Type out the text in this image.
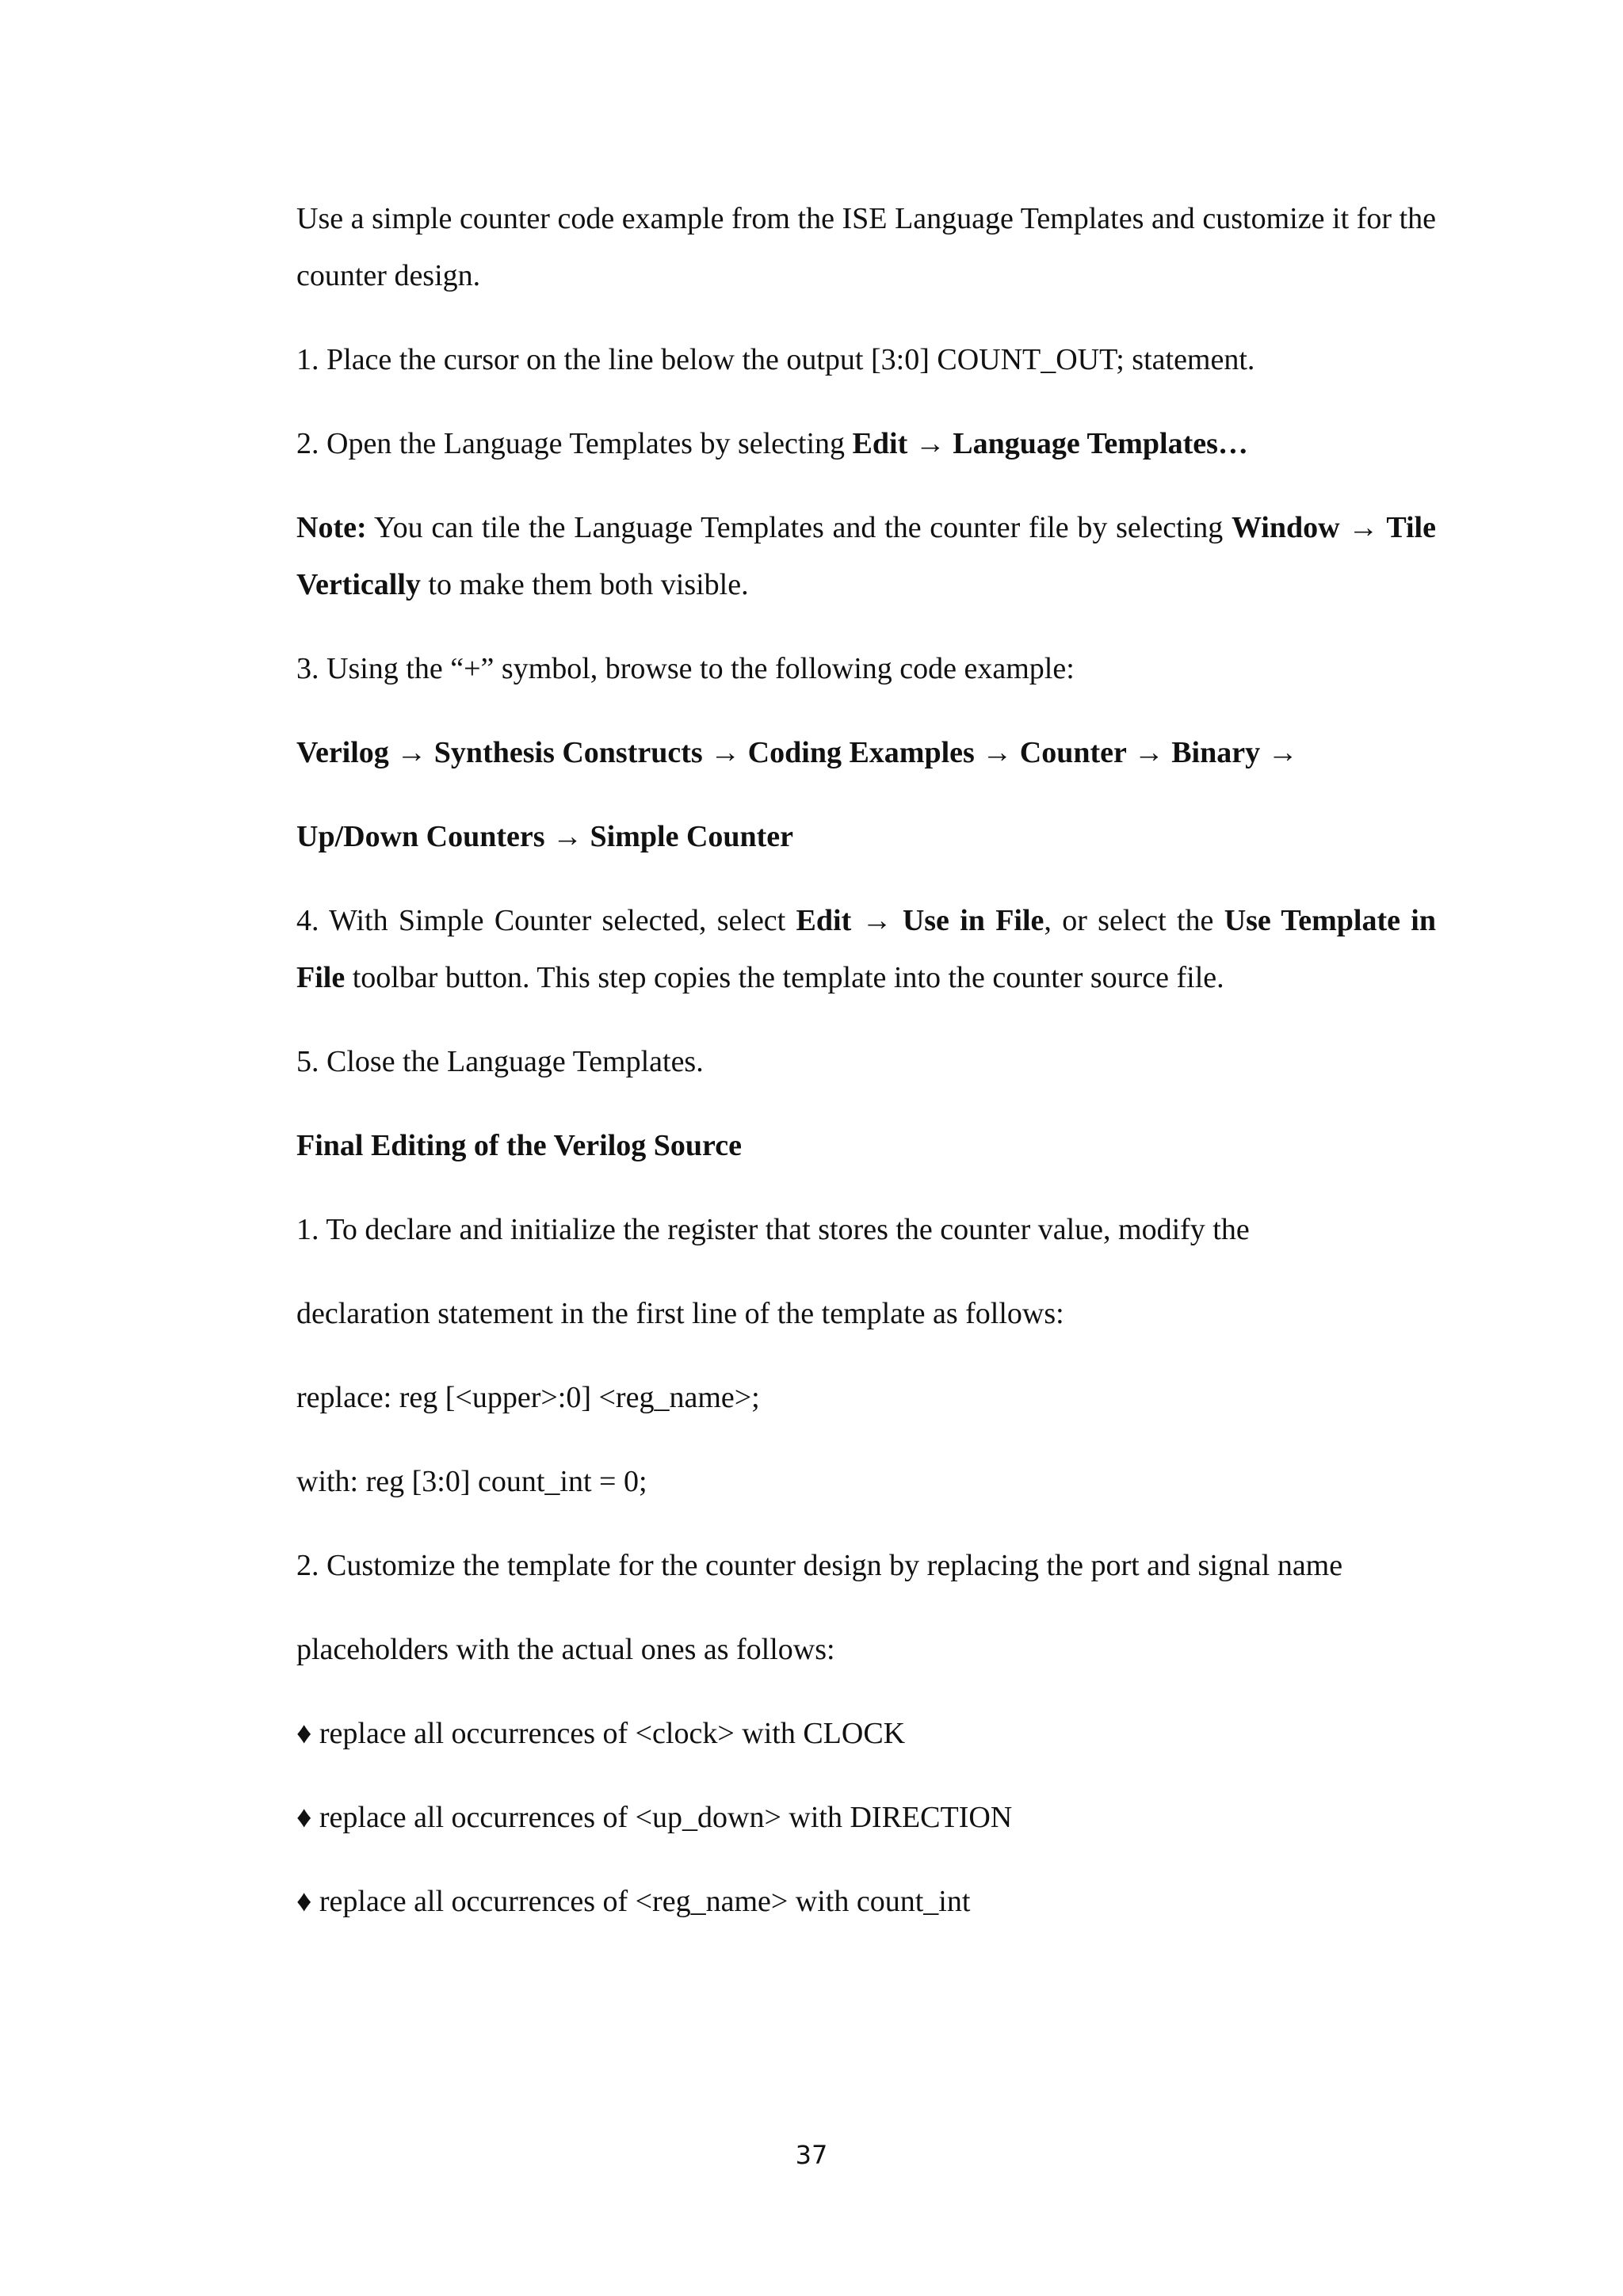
Use a simple counter code example from the ISE Language Templates and customize it for the counter design.

1. Place the cursor on the line below the output [3:0] COUNT_OUT; statement.

2. Open the Language Templates by selecting Edit → Language Templates…

Note: You can tile the Language Templates and the counter file by selecting Window → Tile Vertically to make them both visible.

3. Using the “+” symbol, browse to the following code example:

Verilog → Synthesis Constructs → Coding Examples → Counter → Binary →

Up/Down Counters → Simple Counter

4. With Simple Counter selected, select Edit → Use in File, or select the Use Template in File toolbar button. This step copies the template into the counter source file.

5. Close the Language Templates.

Final Editing of the Verilog Source

1. To declare and initialize the register that stores the counter value, modify the

declaration statement in the first line of the template as follows:

replace: reg [<upper>:0] <reg_name>;

with: reg [3:0] count_int = 0;

2. Customize the template for the counter design by replacing the port and signal name

placeholders with the actual ones as follows:

♦ replace all occurrences of <clock> with CLOCK

♦ replace all occurrences of <up_down> with DIRECTION

♦ replace all occurrences of <reg_name> with count_int

37
